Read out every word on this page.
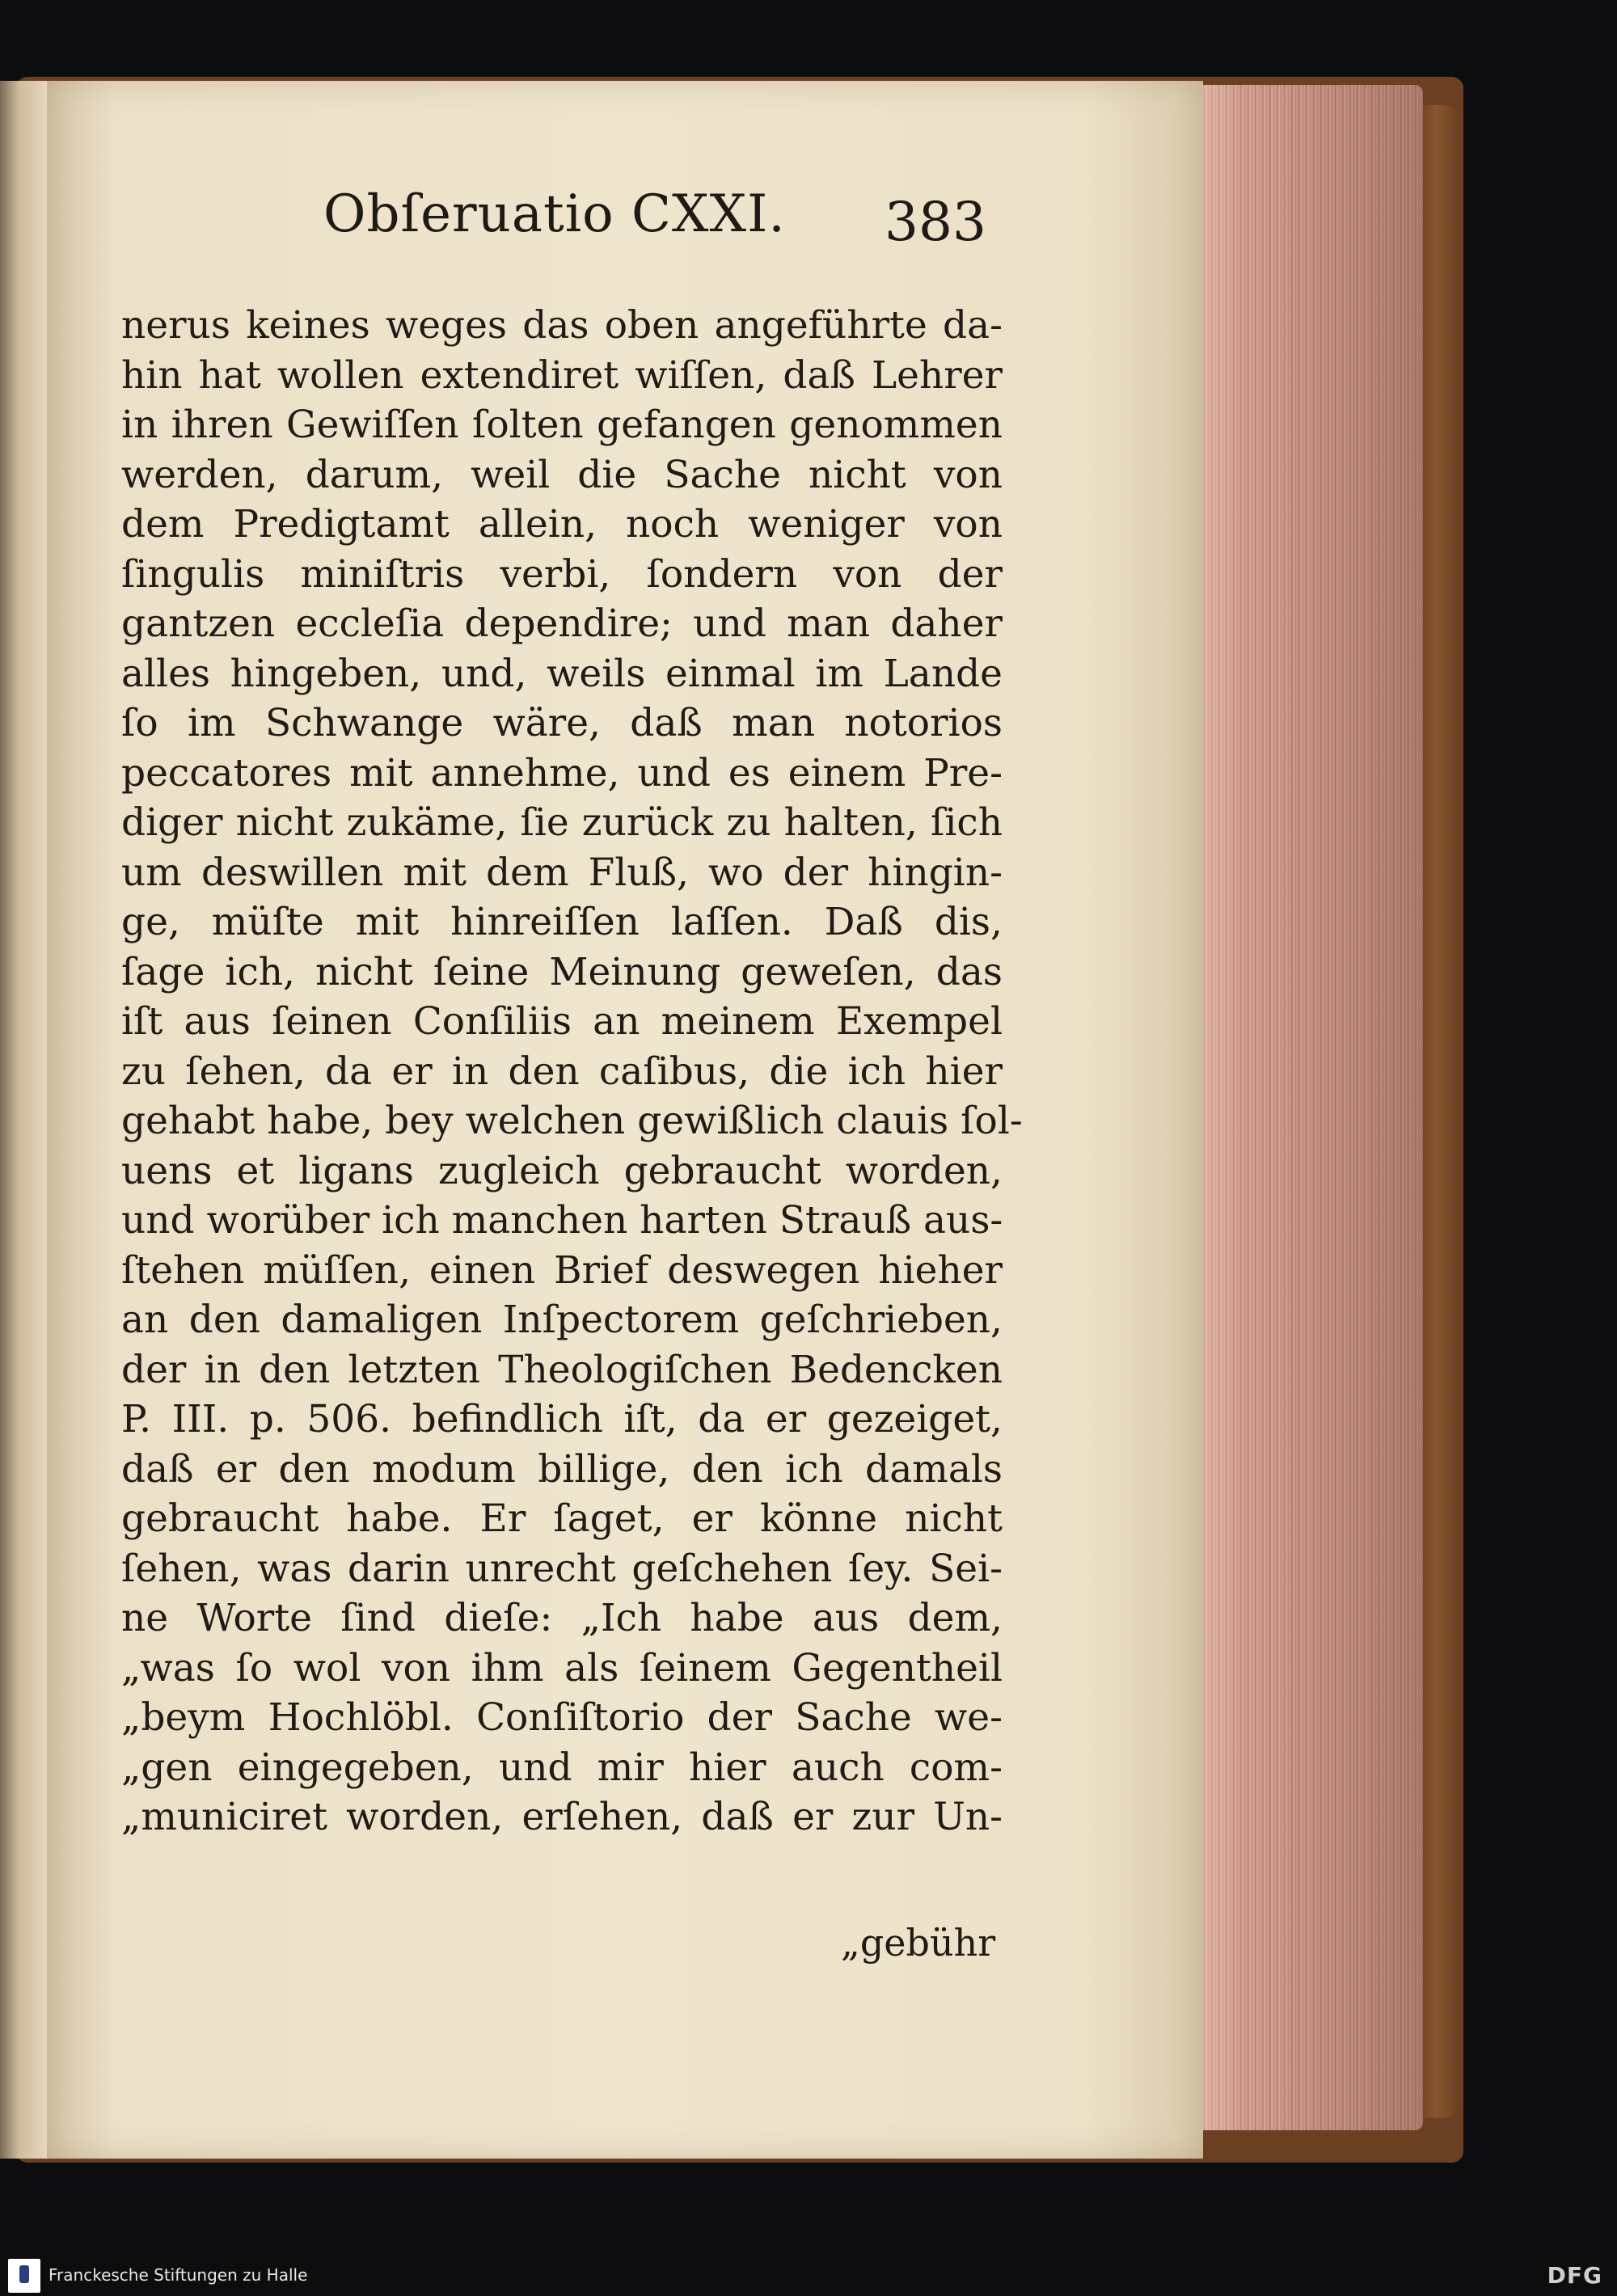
Obſeruatio CXXI. 383
nerus keines weges das oben angeführte da-
hin hat wollen extendiret wiſſen, daß Lehrer
in ihren Gewiſſen ſolten gefangen genommen
werden, darum, weil die Sache nicht von
dem Predigtamt allein, noch weniger von
ſingulis miniſtris verbi, ſondern von der
gantzen eccleſia dependire; und man daher
alles hingeben, und, weils einmal im Lande
ſo im Schwange wäre, daß man notorios
peccatores mit annehme, und es einem Pre-
diger nicht zukäme, ſie zurück zu halten, ſich
um deswillen mit dem Fluß, wo der hingin-
ge, müſte mit hinreiſſen laſſen. Daß dis,
ſage ich, nicht ſeine Meinung geweſen, das
iſt aus ſeinen Conſiliis an meinem Exempel
zu ſehen, da er in den caſibus, die ich hier
gehabt habe, bey welchen gewißlich clauis ſol-
uens et ligans zugleich gebraucht worden,
und worüber ich manchen harten Strauß aus-
ſtehen müſſen, einen Brief deswegen hieher
an den damaligen Inſpectorem geſchrieben,
der in den letzten Theologiſchen Bedencken
P. III. p. 506. befindlich iſt, da er gezeiget,
daß er den modum billige, den ich damals
gebraucht habe. Er ſaget, er könne nicht
ſehen, was darin unrecht geſchehen ſey. Sei-
ne Worte ſind dieſe: „Ich habe aus dem,
„was ſo wol von ihm als ſeinem Gegentheil
„beym Hochlöbl. Conſiſtorio der Sache we-
„gen eingegeben, und mir hier auch com-
„municiret worden, erſehen, daß er zur Un-
„gebühr
Franckesche Stiftungen zu Halle	DFG
